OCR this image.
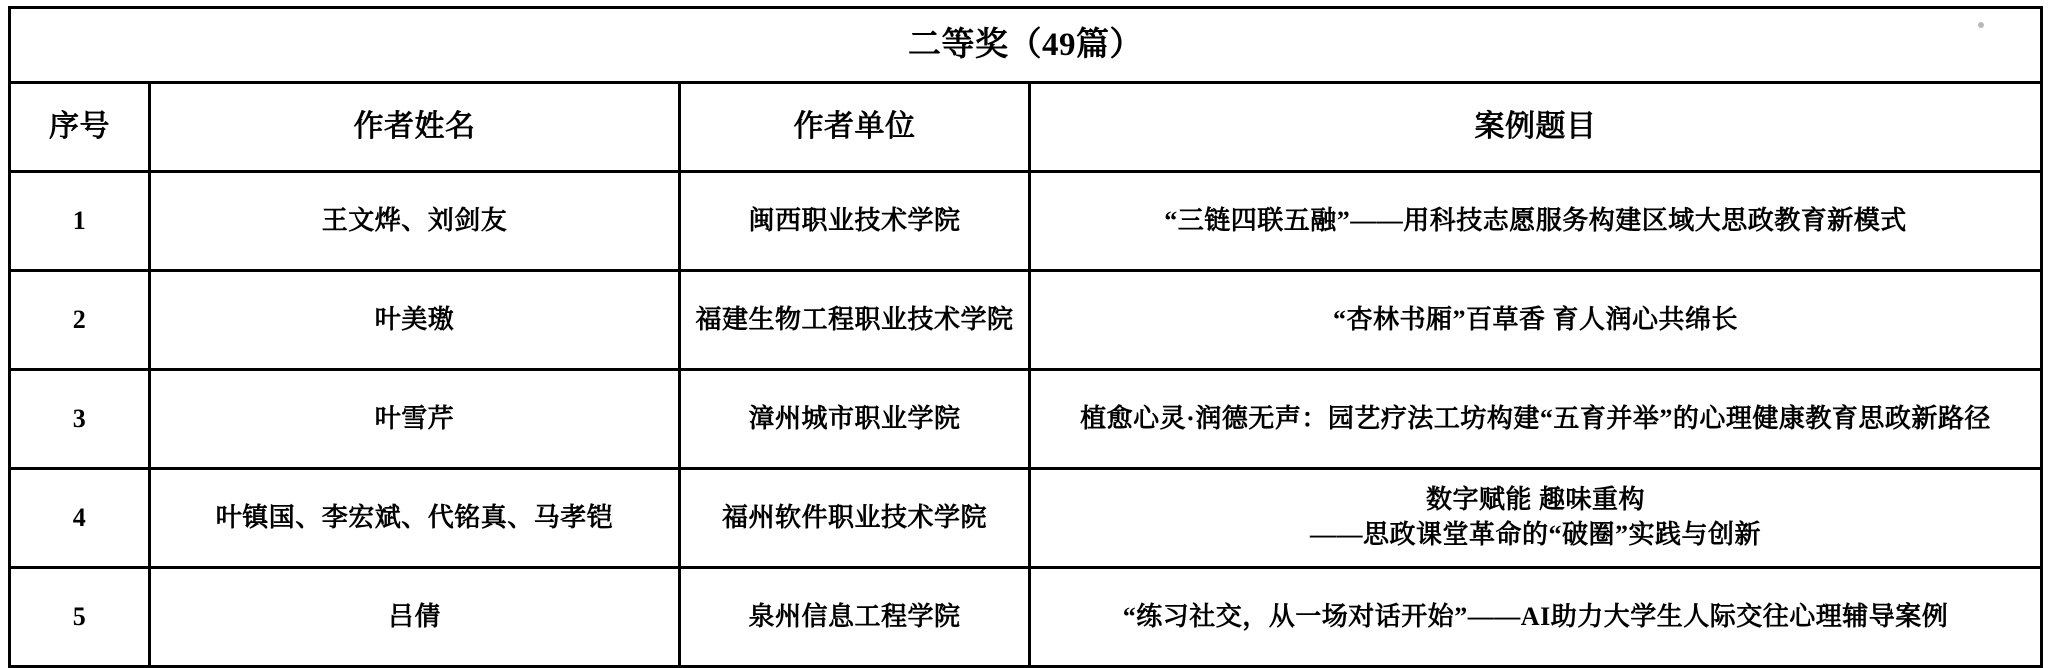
二等奖（49篇）			
序号	作者姓名	作者单位	案例题目
1	王文烨、刘剑友	闽西职业技术学院	“三链四联五融”——用科技志愿服务构建区域大思政教育新模式
2	叶美璈	福建生物工程职业技术学院	“杏林书厢”百草香 育人润心共绵长
3	叶雪芹	漳州城市职业学院	植愈心灵·润德无声：园艺疗法工坊构建“五育并举”的心理健康教育思政新路径
4	叶镇国、李宏斌、代铭真、马孝铠	福州软件职业技术学院	数字赋能 趣味重构
——思政课堂革命的“破圈”实践与创新

5	吕倩	泉州信息工程学院	“练习社交，从一场对话开始”——AI助力大学生人际交往心理辅导案例
